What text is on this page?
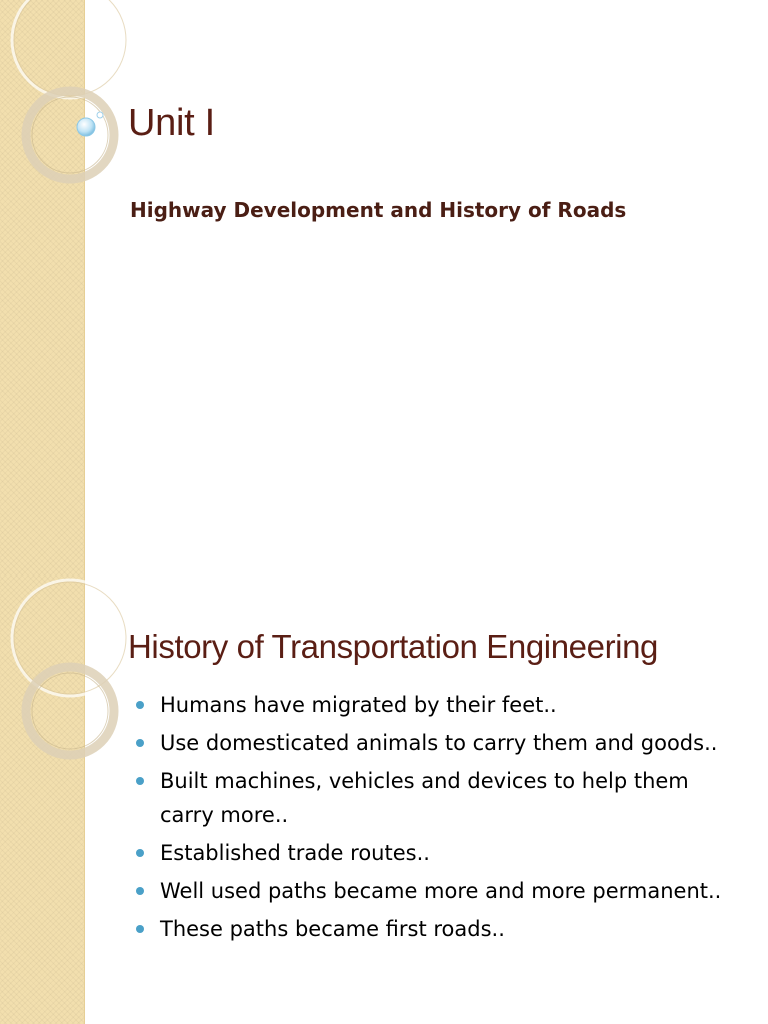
Unit I
Highway Development and History of Roads
History of Transportation Engineering
Humans have migrated by their feet..
Use domesticated animals to carry them and goods..
Built machines, vehicles and devices to help them carry more..
Established trade routes..
Well used paths became more and more permanent..
These paths became first roads..
